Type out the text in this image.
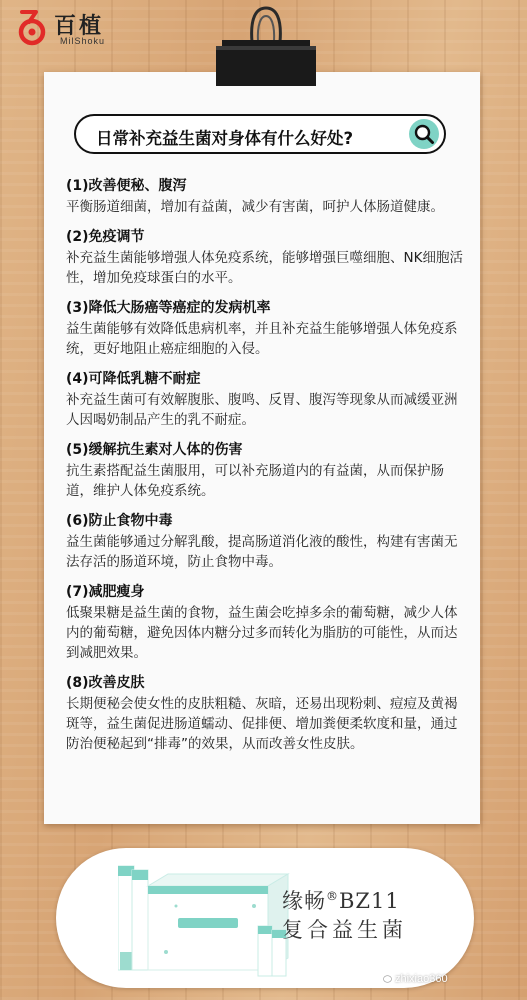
百植
MilShoku
日常补充益生菌对身体有什么好处?
(1)改善便秘、腹泻
平衡肠道细菌，增加有益菌，减少有害菌，呵护人体肠道健康。
(2)免疫调节
补充益生菌能够增强人体免疫系统，能够增强巨噬细胞、NK细胞活性，增加免疫球蛋白的水平。
(3)降低大肠癌等癌症的发病机率
益生菌能够有效降低患病机率，并且补充益生能够增强人体免疫系统，更好地阻止癌症细胞的入侵。
(4)可降低乳糖不耐症
补充益生菌可有效解腹胀、腹鸣、反胃、腹泻等现象从而减缓亚洲人因喝奶制品产生的乳不耐症。
(5)缓解抗生素对人体的伤害
抗生素搭配益生菌服用，可以补充肠道内的有益菌，从而保护肠道，维护人体免疫系统。
(6)防止食物中毒
益生菌能够通过分解乳酸，提高肠道消化液的酸性，构建有害菌无法存活的肠道环境，防止食物中毒。
(7)减肥瘦身
低聚果糖是益生菌的食物，益生菌会吃掉多余的葡萄糖，减少人体内的葡萄糖，避免因体内糖分过多而转化为脂肪的可能性，从而达到减肥效果。
(8)改善皮肤
长期便秘会使女性的皮肤粗糙、灰暗，还易出现粉刺、痘痘及黄褐斑等，益生菌促进肠道蠕动、促排便、增加粪便柔软度和量，通过防治便秘起到“排毒”的效果，从而改善女性皮肤。
缘畅®BZ11
复合益生菌
zhixiao360
